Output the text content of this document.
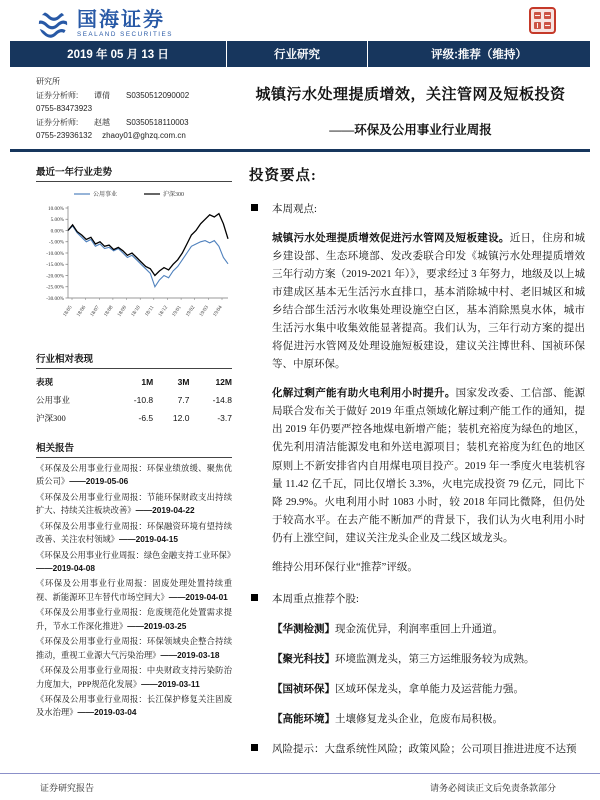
国海证券
SEALAND SECURITIES
2019 年 05 月 13 日	行业研究	评级:推荐（维持）
研究所
证券分析师:	谭倩	S0350512090002
0755-83473923
证券分析师:	赵越	S0350518110003
0755-23936132 zhaoy01@ghzq.com.cn
城镇污水处理提质增效，关注管网及短板投资
——环保及公用事业行业周报
最近一年行业走势
公用事业	沪深300
10.00%
5.00%
0.00%
-5.00%
-10.00%
-15.00%
-20.00%
-25.00%
-30.00%
18/05 18/06 18/07 18/08 18/09 18/10 18/11 18/12 19/01 19/02 19/03 19/04
行业相对表现
表现	1M	3M	12M
公用事业	-10.8	7.7	-14.8
沪深300	-6.5	12.0	-3.7
相关报告
《环保及公用事业行业周报：环保业绩放缓、聚焦优质公司》——2019-05-06
《环保及公用事业行业周报：节能环保财政支出持续扩大、持续关注板块改善》——2019-04-22
《环保及公用事业行业周报：环保融资环境有望持续改善、关注农村领域》——2019-04-15
《环保及公用事业行业周报：绿色金融支持工业环保》——2019-04-08
《环保及公用事业行业周报：固废处理处置持续重视、新能源环卫车替代市场空间大》——2019-04-01
《环保及公用事业行业周报：危废规范化处置需求提升，节水工作深化推进》——2019-03-25
《环保及公用事业行业周报：环保领域央企整合持续推动，重视工业源大气污染治理》——2019-03-18
《环保及公用事业行业周报：中央财政支持污染防治力度加大，PPP规范化发展》——2019-03-11
《环保及公用事业行业周报：长江保护修复关注固废及水治理》——2019-03-04
投资要点:
本周观点:
城镇污水处理提质增效促进污水管网及短板建设。近日，住房和城乡建设部、生态环境部、发改委联合印发《城镇污水处理提质增效三年行动方案（2019-2021 年）》，要求经过 3 年努力，地级及以上城市建成区基本无生活污水直排口，基本消除城中村、老旧城区和城乡结合部生活污水收集处理设施空白区，基本消除黑臭水体，城市生活污水集中收集效能显著提高。我们认为，三年行动方案的提出将促进污水管网及处理设施短板建设，建议关注博世科、国祯环保等、中原环保。
化解过剩产能有助火电利用小时提升。国家发改委、工信部、能源局联合发布关于做好 2019 年重点领域化解过剩产能工作的通知，提出 2019 年仍要严控各地煤电新增产能；装机充裕度为绿色的地区，优先利用清洁能源发电和外送电源项目；装机充裕度为红色的地区原则上不新安排省内自用煤电项目投产。2019 年一季度火电装机容量 11.42 亿千瓦，同比仅增长 3.3%，火电完成投资 79 亿元，同比下降 29.9%。火电利用小时 1083 小时，较 2018 年同比微降，但仍处于较高水平。在去产能不断加严的背景下，我们认为火电利用小时仍有上涨空间，建议关注龙头企业及二线区域龙头。
维持公用环保行业“推荐”评级。
本周重点推荐个股:
【华测检测】现金流优异，利润率重回上升通道。
【聚光科技】环境监测龙头，第三方运维服务较为成熟。
【国祯环保】区域环保龙头，拿单能力及运营能力强。
【高能环境】土壤修复龙头企业，危废布局积极。
风险提示：大盘系统性风险；政策风险；公司项目推进进度不达预
证券研究报告	请务必阅读正文后免责条款部分
